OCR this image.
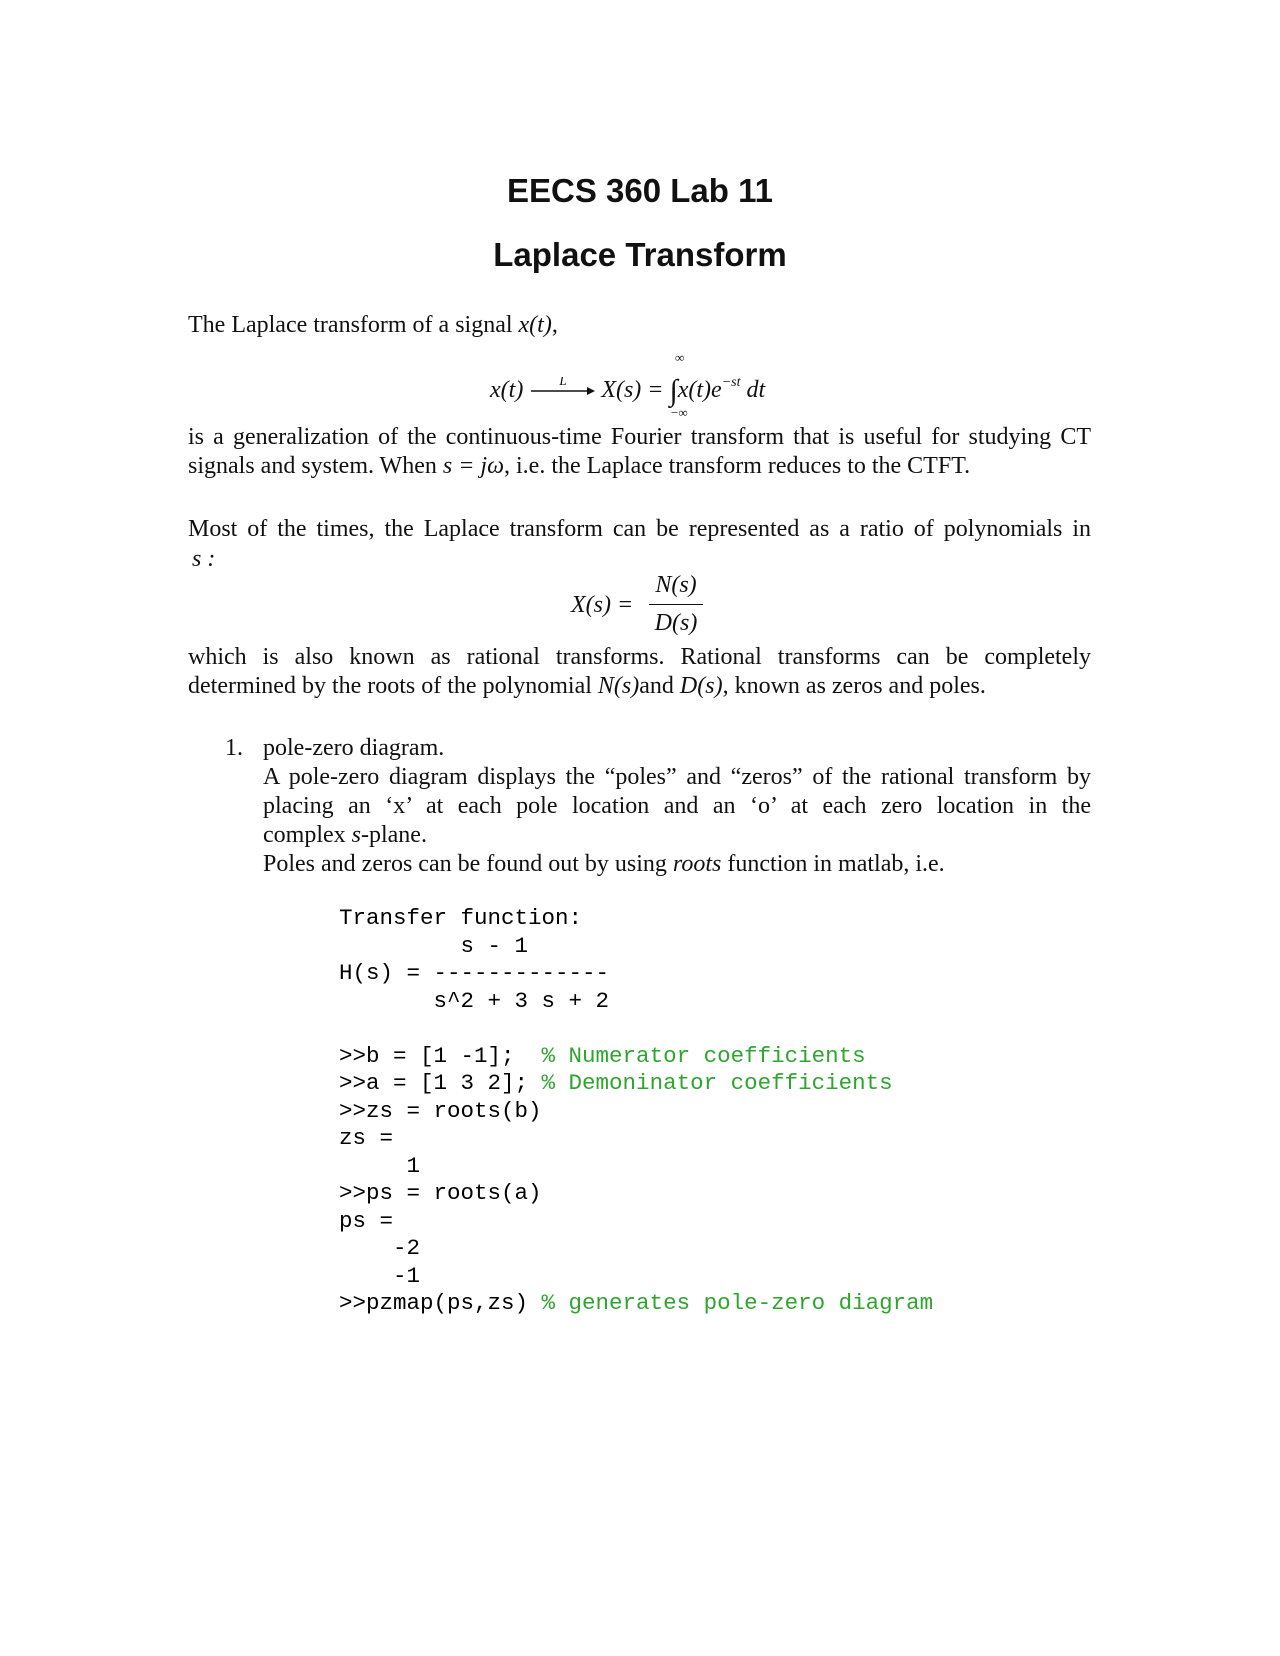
EECS 360 Lab 11
Laplace Transform
The Laplace transform of a signal x(t),
x(t)	L $X(s) = \int x(t)e^{-st}$ dt
∞
−∞
is a generalization of the continuous-time Fourier transform that is useful for studying CT
signals and system. When s = jω, i.e. the Laplace transform reduces to the CTFT.
Most of the times, the Laplace transform can be represented as a ratio of polynomials in
s :
X(s) =
N(s)
D(s)
which is also known as rational transforms. Rational transforms can be completely
determined by the roots of the polynomial N(s)and D(s), known as zeros and poles.
1. pole-zero diagram.
A pole-zero diagram displays the “poles” and “zeros” of the rational transform by
placing an ‘x’ at each pole location and an ‘o’ at each zero location in the
complex s-plane.
Poles and zeros can be found out by using roots function in matlab, i.e.
Transfer function:
s - 1
H(s) = -------------
s^2 + 3 s + 2

>>b = [1 -1];  % Numerator coefficients
>>a = [1 3 2]; % Demoninator coefficients
>>zs = roots(b)
zs =
1
>>ps = roots(a)
ps =
-2
-1
>>pzmap(ps,zs) % generates pole-zero diagram
